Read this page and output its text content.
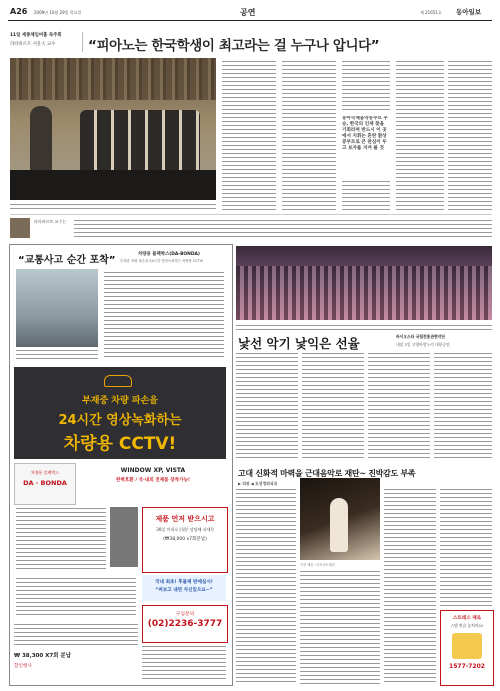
A26 2009년 10월 29일 목요일	공연	제 21651호 동아일보
11일 세종체임버홀 독주회
라타바르트 서울大 교수	“피아노는 한국학생이 최고라는 걸 누구나 압니다”
동아국제음악콩쿠르 우승, 한국의 인재 찾을 기회라며 반드시 이 곳에서 지휘는 혼란 환상 콩쿠르로 큰 관심이 두고 보자를 지켜 볼 것
라타바르트 교수는
“교통사고 순간 포착”
차량용 블랙박스(DA-BONDA)
부재중 차량 파손을 24시간 영상녹화하는 차량용 CCTV!
부재중 차량 파손을
24시간 영상녹화하는
차량용 CCTV!
차량용 블랙박스
DA · BONDA
WINDOW XP, VISTA
완벽호환 / 국·내외 전제품 장착가능!
제품 먼저 받으시고
30일 이내로 (첫분 담당해 파세!)
(₩38,000 x7회분납)
국내 최초! 후불제 판매실시!
“써보고 내면 자신있으요~”
구입문의
(02)2236-3777
₩ 38,300 X7회 분납
할인행사
낯선 악기 낯익은 선율	바이오스타 국립전통관현악단
내달 2일 고양아람누리 내한공연
고대 신화적 마력을 근대음악로 재탄~ 진박감도 부족
▶ 리뷰 ◀ 도성정외식곡
사진 제공 : 마포아트센터
스트레스 제로
스텝 연습 놓치마요!
1577-7202
